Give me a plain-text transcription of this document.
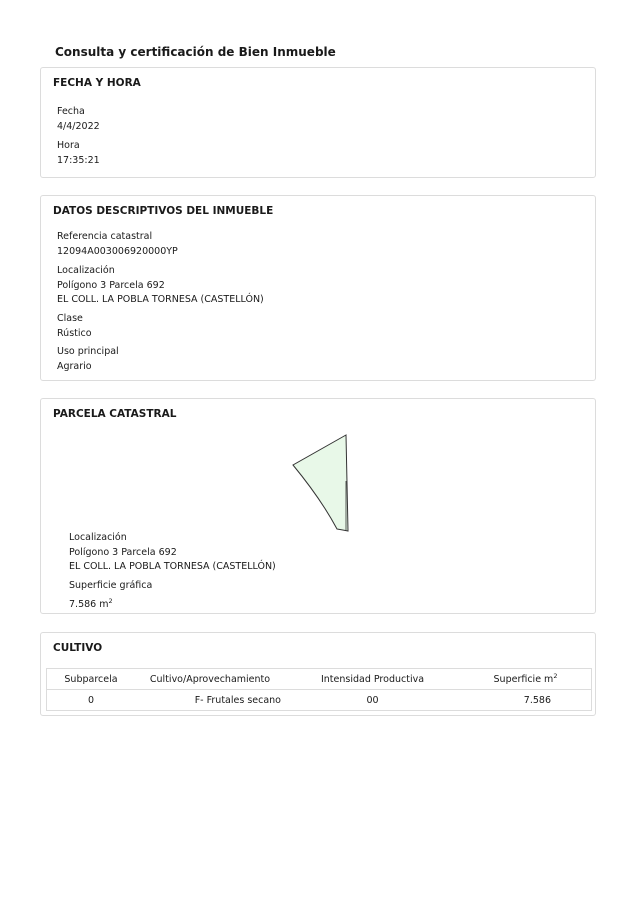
Consulta y certificación de Bien Inmueble
FECHA Y HORA
Fecha
4/4/2022
Hora
17:35:21
DATOS DESCRIPTIVOS DEL INMUEBLE
Referencia catastral
12094A003006920000YP
Localización
Polígono 3 Parcela 692
EL COLL. LA POBLA TORNESA (CASTELLÓN)
Clase
Rústico
Uso principal
Agrario
PARCELA CATASTRAL
Localización
Polígono 3 Parcela 692
EL COLL. LA POBLA TORNESA (CASTELLÓN)
Superficie gráfica
7.586 $m^2$
CULTIVO
Subparcela	Cultivo/Aprovechamiento	Intensidad Productiva	Superficie $m^2$
0	F- Frutales secano	00	7.586
